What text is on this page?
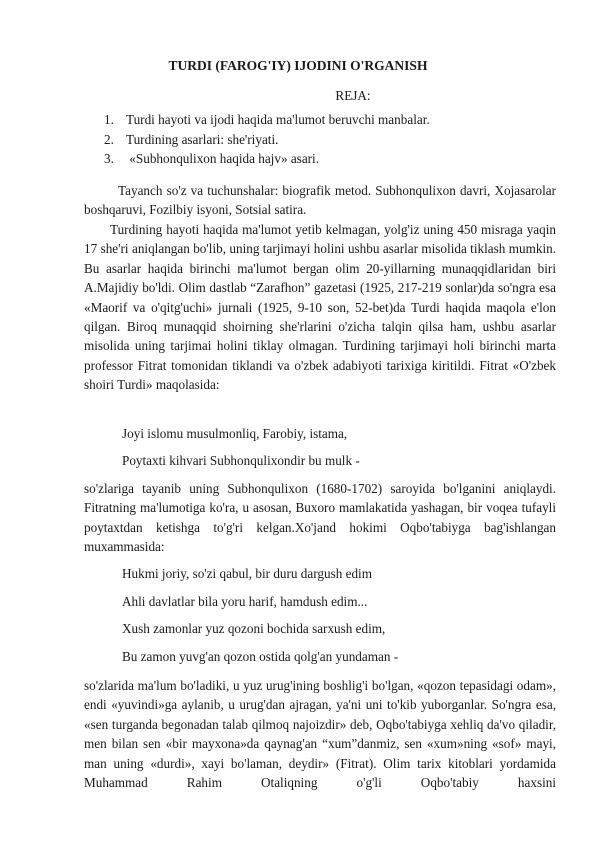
TURDI (FAROG'IY) IJODINI O'RGANISH
REJA:
1. Turdi hayoti va ijodi haqida ma'lumot beruvchi manbalar.
2. Turdining asarlari: she'riyati.
3. «Subhonqulixon haqida hajv» asari.

Tayanch so'z va tuchunshalar: biografik metod. Subhonqulixon davri, Xojasarolar boshqaruvi, Fozilbiy isyoni, Sotsial satira.

Turdining hayoti haqida ma'lumot yetib kelmagan, yolg'iz uning 450 misraga yaqin 17 she'ri aniqlangan bo'lib, uning tarjimayi holini ushbu asarlar misolida tiklash mumkin. Bu asarlar haqida birinchi ma'lumot bergan olim 20-yillarning munaqqidlaridan biri A.Majidiy bo'ldi. Olim dastlab “Zarafhon” gazetasi (1925, 217-219 sonlar)da so'ngra esa «Maorif va o'qitg'uchi» jurnali (1925, 9-10 son, 52-bet)da Turdi haqida maqola e'lon qilgan. Biroq munaqqid shoirning she'rlarini o'zicha talqin qilsa ham, ushbu asarlar misolida uning tarjimai holini tiklay olmagan. Turdining tarjimayi holi birinchi marta professor Fitrat tomonidan tiklandi va o'zbek adabiyoti tarixiga kiritildi. Fitrat «O'zbek shoiri Turdi» maqolasida:

Joyi islomu musulmonliq, Farobiy, istama,
Poytaxti kihvari Subhonqulixondir bu mulk -

so'zlariga tayanib uning Subhonqulixon (1680-1702) saroyida bo'lganini aniqlaydi. Fitratning ma'lumotiga ko'ra, u asosan, Buxoro mamlakatida yashagan, bir voqea tufayli poytaxtdan ketishga to'g'ri kelgan.Xo'jand hokimi Oqbo'tabiyga bag'ishlangan muxammasida:

Hukmi joriy, so'zi qabul, bir duru dargush edim
Ahli davlatlar bila yoru harif, hamdush edim...
Xush zamonlar yuz qozoni bochida sarxush edim,
Bu zamon yuvg'an qozon ostida qolg'an yundaman -

so'zlarida ma'lum bo'ladiki, u yuz urug'ining boshlig'i bo'lgan, «qozon tepasidagi odam», endi «yuvindi»ga aylanib, u urug'dan ajragan, ya'ni uni to'kib yuborganlar. So'ngra esa, «sen turganda begonadan talab qilmoq najoizdir» deb, Oqbo'tabiyga xehliq da'vo qiladir, men bilan sen «bir mayxona»da qaynag'an “xum”danmiz, sen «xum»ning «sof» mayi, man uning «durdi», xayi bo'laman, deydir» (Fitrat). Olim tarix kitoblari yordamida Muhammad Rahim Otaliqning o'g'li Oqbo'tabiy haxsini
